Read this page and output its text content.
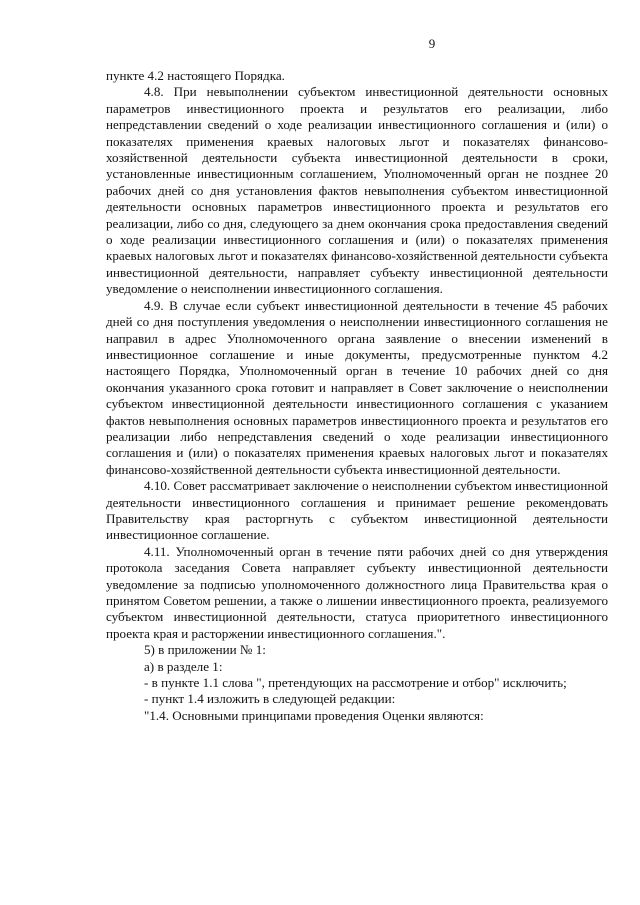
9

пункте 4.2 настоящего Порядка.

4.8. При невыполнении субъектом инвестиционной деятельности основных параметров инвестиционного проекта и результатов его реализации, либо непредставлении сведений о ходе реализации инвестиционного соглашения и (или) о показателях применения краевых налоговых льгот и показателях финансово-хозяйственной деятельности субъекта инвестиционной деятельности в сроки, установленные инвестиционным соглашением, Уполномоченный орган не позднее 20 рабочих дней со дня установления фактов невыполнения субъектом инвестиционной деятельности основных параметров инвестиционного проекта и результатов его реализации, либо со дня, следующего за днем окончания срока предоставления сведений о ходе реализации инвестиционного соглашения и (или) о показателях применения краевых налоговых льгот и показателях финансово-хозяйственной деятельности субъекта инвестиционной деятельности, направляет субъекту инвестиционной деятельности уведомление о неисполнении инвестиционного соглашения.

4.9. В случае если субъект инвестиционной деятельности в течение 45 рабочих дней со дня поступления уведомления о неисполнении инвестиционного соглашения не направил в адрес Уполномоченного органа заявление о внесении изменений в инвестиционное соглашение и иные документы, предусмотренные пунктом 4.2 настоящего Порядка, Уполномоченный орган в течение 10 рабочих дней со дня окончания указанного срока готовит и направляет в Совет заключение о неисполнении субъектом инвестиционной деятельности инвестиционного соглашения с указанием фактов невыполнения основных параметров инвестиционного проекта и результатов его реализации либо непредставления сведений о ходе реализации инвестиционного соглашения и (или) о показателях применения краевых налоговых льгот и показателях финансово-хозяйственной деятельности субъекта инвестиционной деятельности.

4.10. Совет рассматривает заключение о неисполнении субъектом инвестиционной деятельности инвестиционного соглашения и принимает решение рекомендовать Правительству края расторгнуть с субъектом инвестиционной деятельности инвестиционное соглашение.

4.11. Уполномоченный орган в течение пяти рабочих дней со дня утверждения протокола заседания Совета направляет субъекту инвестиционной деятельности уведомление за подписью уполномоченного должностного лица Правительства края о принятом Советом решении, а также о лишении инвестиционного проекта, реализуемого субъектом инвестиционной деятельности, статуса приоритетного инвестиционного проекта края и расторжении инвестиционного соглашения.".

5) в приложении № 1:

а) в разделе 1:

- в пункте 1.1 слова ", претендующих на рассмотрение и отбор" исключить;

- пункт 1.4 изложить в следующей редакции:

"1.4. Основными принципами проведения Оценки являются:
